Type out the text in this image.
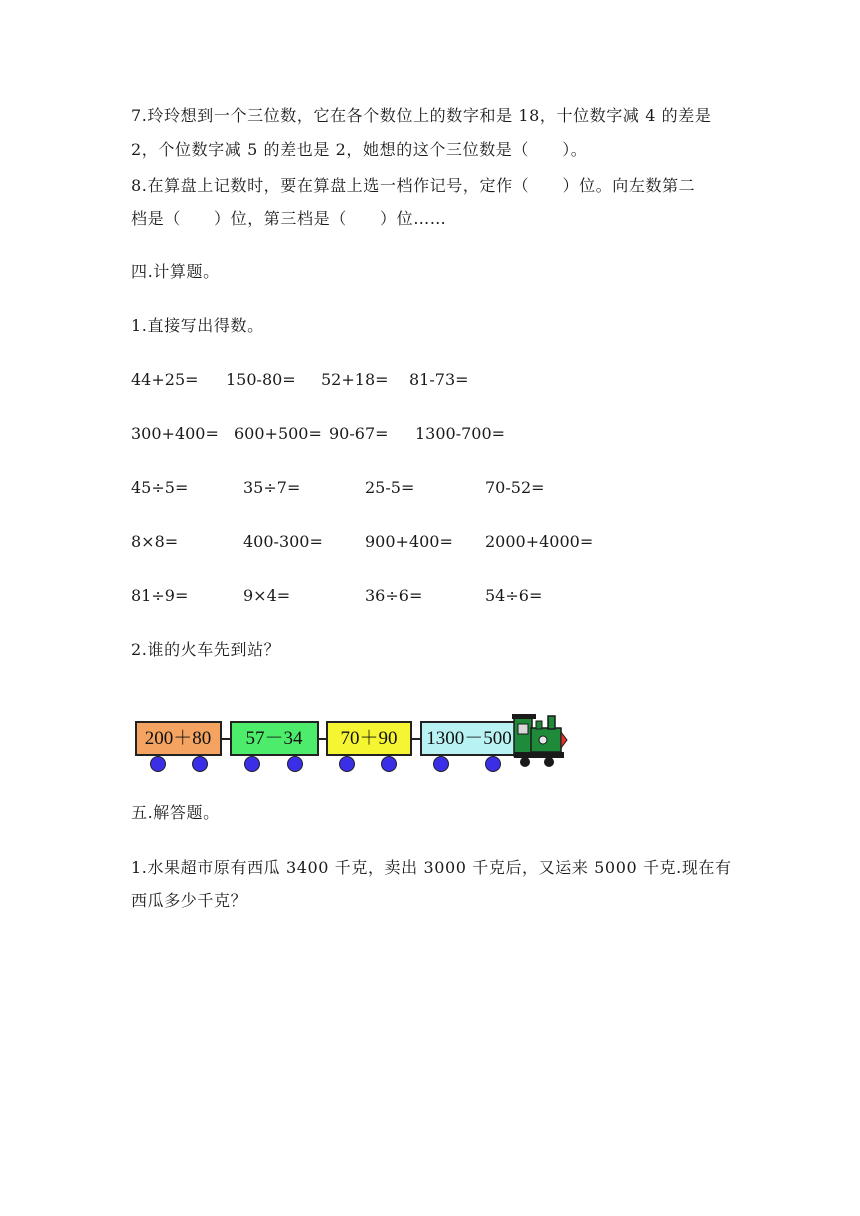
7.玲玲想到一个三位数，它在各个数位上的数字和是 18，十位数字减 4 的差是
2，个位数字减 5 的差也是 2，她想的这个三位数是（　　）。
8.在算盘上记数时，要在算盘上选一档作记号，定作（　　）位。向左数第二
档是（　　）位，第三档是（　　）位……
四.计算题。
1.直接写出得数。
44+25= 150-80= 52+18= 81-73=
300+400= 600+500= 90-67= 1300-700=
45÷5=	35÷7=	25-5=	70-52=
8×8=	400-300=	900+400= 2000+4000=
81÷9=	9×4=	36÷6=	54÷6=
2.谁的火车先到站？
200＋80 57－34 70＋90 1300－500
五.解答题。
1.水果超市原有西瓜 3400 千克，卖出 3000 千克后，又运来 5000 千克.现在有
西瓜多少千克？
